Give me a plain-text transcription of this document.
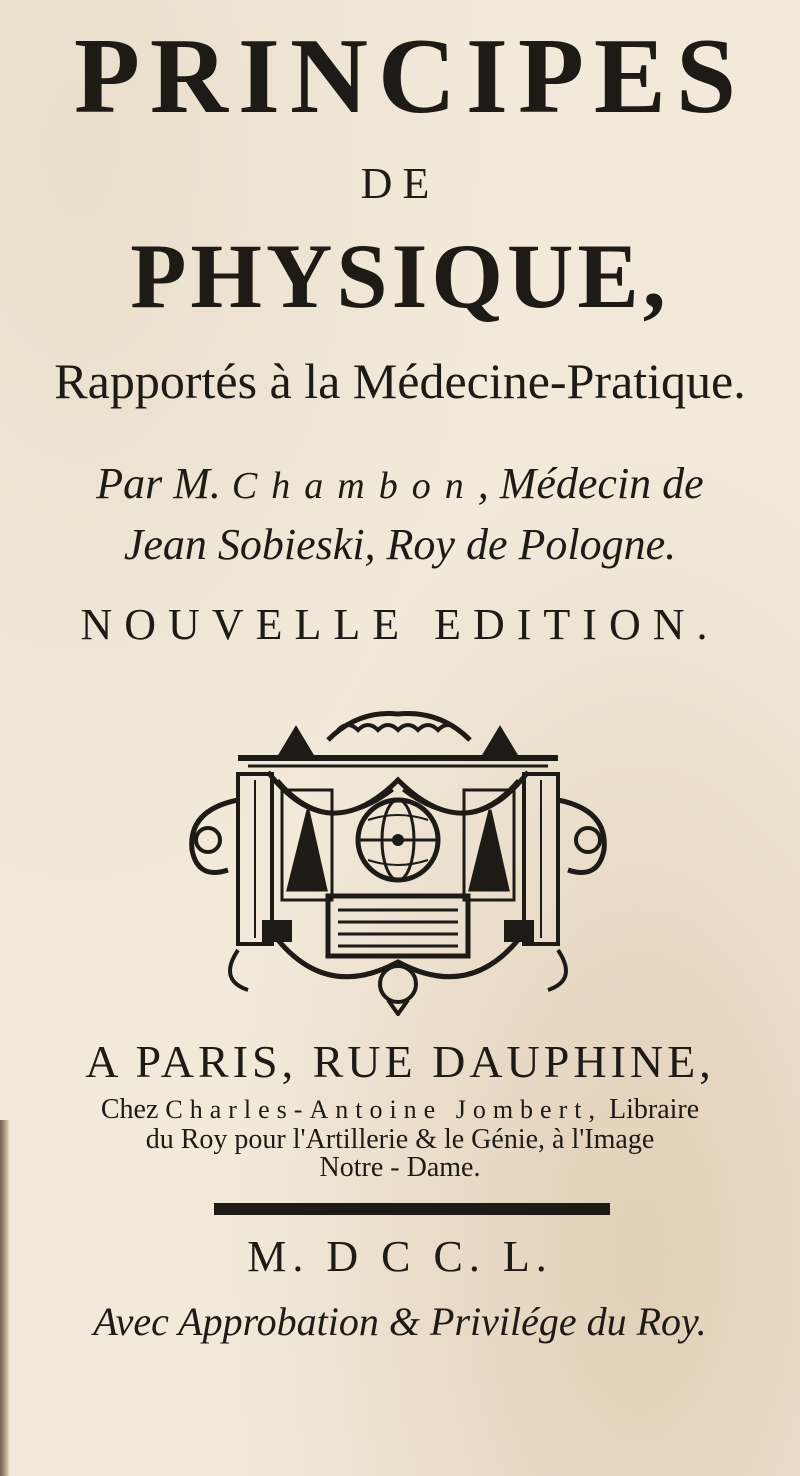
PRINCIPES
DE
PHYSIQUE,
Rapportés à la Médecine-Pratique.
Par M. Chambon, Médecin de
Jean Sobieski, Roy de Pologne.
NOUVELLE EDITION.
A PARIS, RUE DAUPHINE,
Chez Charles-Antoine Jombert, Libraire
du Roy pour l'Artillerie & le Génie, à l'Image
Notre - Dame.
M. D C C. L.
Avec Approbation & Privilége du Roy.
